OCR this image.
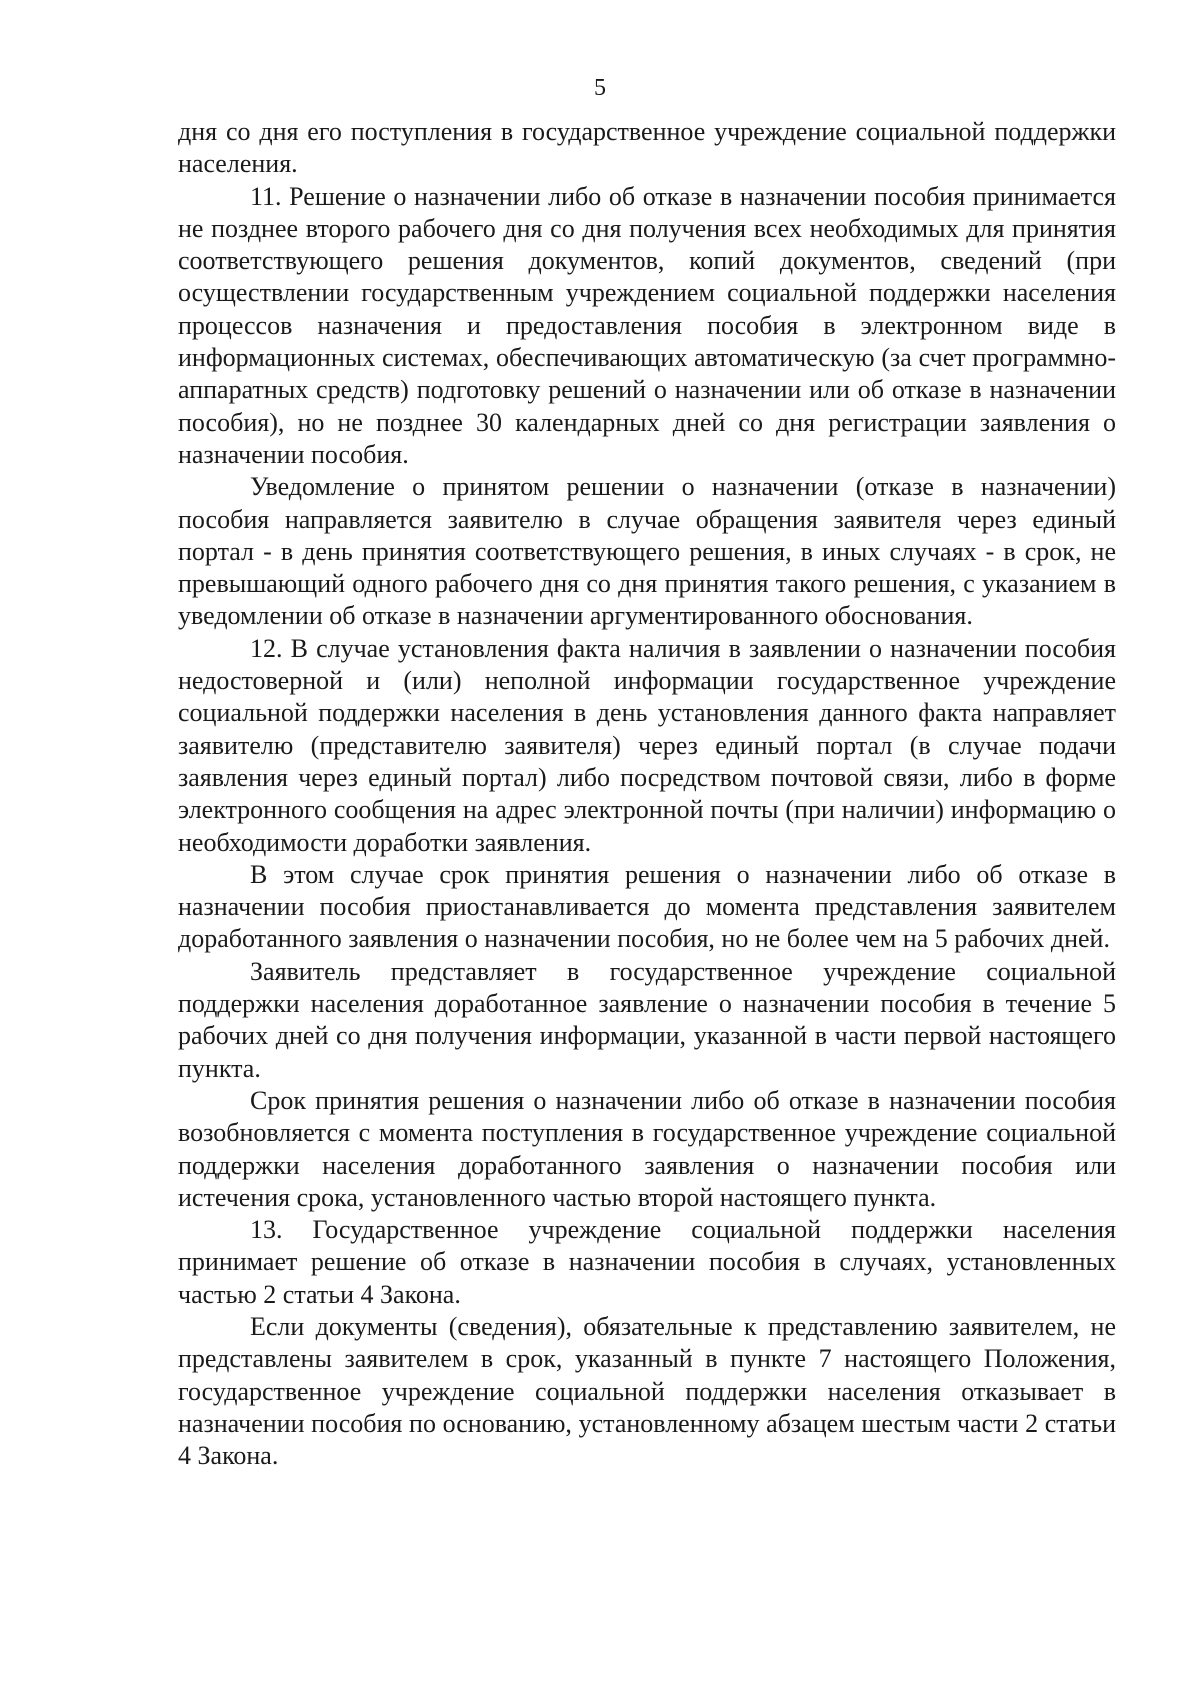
5

дня со дня его поступления в государственное учреждение социальной поддержки населения.

11. Решение о назначении либо об отказе в назначении пособия принимается не позднее второго рабочего дня со дня получения всех необходимых для принятия соответствующего решения документов, копий документов, сведений (при осуществлении государственным учреждением социальной поддержки населения процессов назначения и предоставления пособия в электронном виде в информационных системах, обеспечивающих автоматическую (за счет программно-аппаратных средств) подготовку решений о назначении или об отказе в назначении пособия), но не позднее 30 календарных дней со дня регистрации заявления о назначении пособия.

Уведомление о принятом решении о назначении (отказе в назначении) пособия направляется заявителю в случае обращения заявителя через единый портал - в день принятия соответствующего решения, в иных случаях - в срок, не превышающий одного рабочего дня со дня принятия такого решения, с указанием в уведомлении об отказе в назначении аргументированного обоснования.

12. В случае установления факта наличия в заявлении о назначении пособия недостоверной и (или) неполной информации государственное учреждение социальной поддержки населения в день установления данного факта направляет заявителю (представителю заявителя) через единый портал (в случае подачи заявления через единый портал) либо посредством почтовой связи, либо в форме электронного сообщения на адрес электронной почты (при наличии) информацию о необходимости доработки заявления.

В этом случае срок принятия решения о назначении либо об отказе в назначении пособия приостанавливается до момента представления заявителем доработанного заявления о назначении пособия, но не более чем на 5 рабочих дней.

Заявитель представляет в государственное учреждение социальной поддержки населения доработанное заявление о назначении пособия в течение 5 рабочих дней со дня получения информации, указанной в части первой настоящего пункта.

Срок принятия решения о назначении либо об отказе в назначении пособия возобновляется с момента поступления в государственное учреждение социальной поддержки населения доработанного заявления о назначении пособия или истечения срока, установленного частью второй настоящего пункта.

13. Государственное учреждение социальной поддержки населения принимает решение об отказе в назначении пособия в случаях, установленных частью 2 статьи 4 Закона.

Если документы (сведения), обязательные к представлению заявителем, не представлены заявителем в срок, указанный в пункте 7 настоящего Положения, государственное учреждение социальной поддержки населения отказывает в назначении пособия по основанию, установленному абзацем шестым части 2 статьи 4 Закона.
